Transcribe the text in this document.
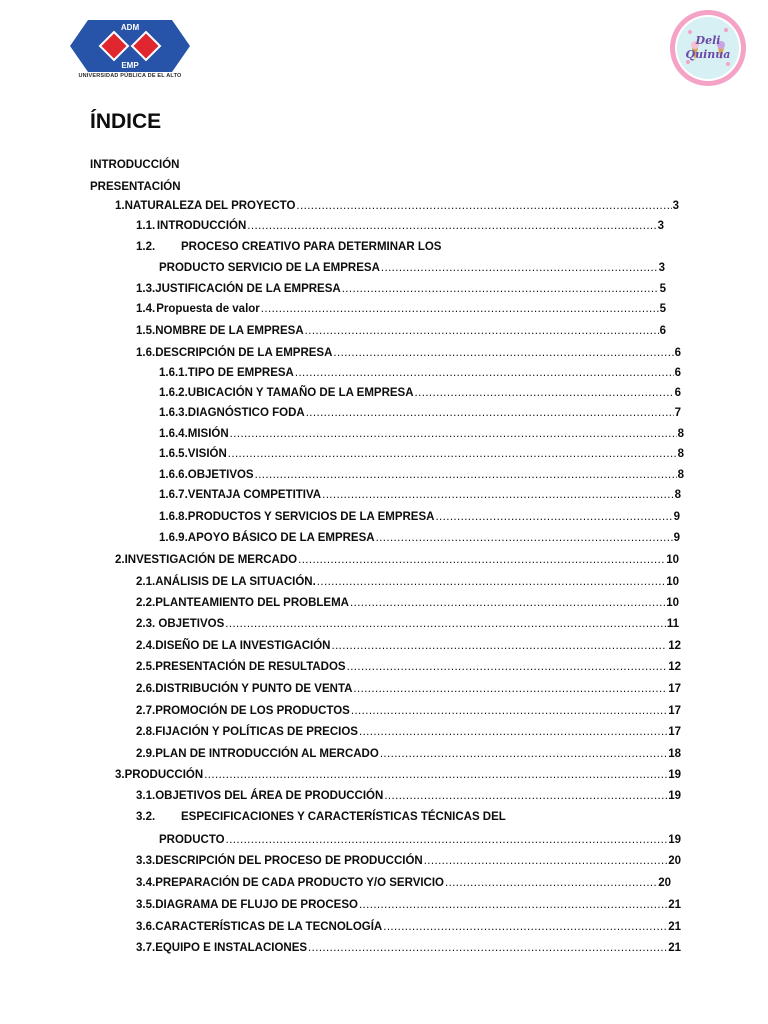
ADM
EMP
UNIVERSIDAD PÚBLICA DE EL ALTO
Deli
Quinua
ÍNDICE
INTRODUCCIÓN
PRESENTACIÓN
1. NATURALEZA DEL PROYECTO .....	3
1.1. INTRODUCCIÓN .....	3
1.2.	PROCESO CREATIVO PARA DETERMINAR LOS
PRODUCTO SERVICIO DE LA EMPRESA .....	3
1.3. JUSTIFICACIÓN DE LA EMPRESA .....	5
1.4. Propuesta de valor .....	5
1.5. NOMBRE DE LA EMPRESA .....	6
1.6. DESCRIPCIÓN DE LA EMPRESA .....	6
1.6.1. TIPO DE EMPRESA .....	6
1.6.2. UBICACIÓN Y TAMAÑO DE LA EMPRESA .....	6
1.6.3. DIAGNÓSTICO FODA .....	7
1.6.4. MISIÓN .....	8
1.6.5. VISIÓN .....	8
1.6.6. OBJETIVOS .....	8
1.6.7. VENTAJA COMPETITIVA .....	8
1.6.8. PRODUCTOS Y SERVICIOS DE LA EMPRESA .....	9
1.6.9. APOYO BÁSICO DE LA EMPRESA .....	9
2. INVESTIGACIÓN DE MERCADO .....	10
2.1. ANÁLISIS DE LA SITUACIÓN. .....	10
2.2. PLANTEAMIENTO DEL PROBLEMA .....	10
2.3. OBJETIVOS .....	11
2.4. DISEÑO DE LA INVESTIGACIÓN .....	12
2.5. PRESENTACIÓN DE RESULTADOS .....	12
2.6. DISTRIBUCIÓN Y PUNTO DE VENTA .....	17
2.7. PROMOCIÓN DE LOS PRODUCTOS .....	17
2.8. FIJACIÓN Y POLÍTICAS DE PRECIOS .....	17
2.9. PLAN DE INTRODUCCIÓN AL MERCADO .....	18
3. PRODUCCIÓN .....	19
3.1. OBJETIVOS DEL ÁREA DE PRODUCCIÓN .....	19
3.2.	ESPECIFICACIONES Y CARACTERÍSTICAS TÉCNICAS DEL
PRODUCTO .....	19
3.3. DESCRIPCIÓN DEL PROCESO DE PRODUCCIÓN .....	20
3.4. PREPARACIÓN DE CADA PRODUCTO Y/O SERVICIO .....	20
3.5. DIAGRAMA DE FLUJO DE PROCESO .....	21
3.6. CARACTERÍSTICAS DE LA TECNOLOGÍA .....	21
3.7. EQUIPO E INSTALACIONES .....	21
